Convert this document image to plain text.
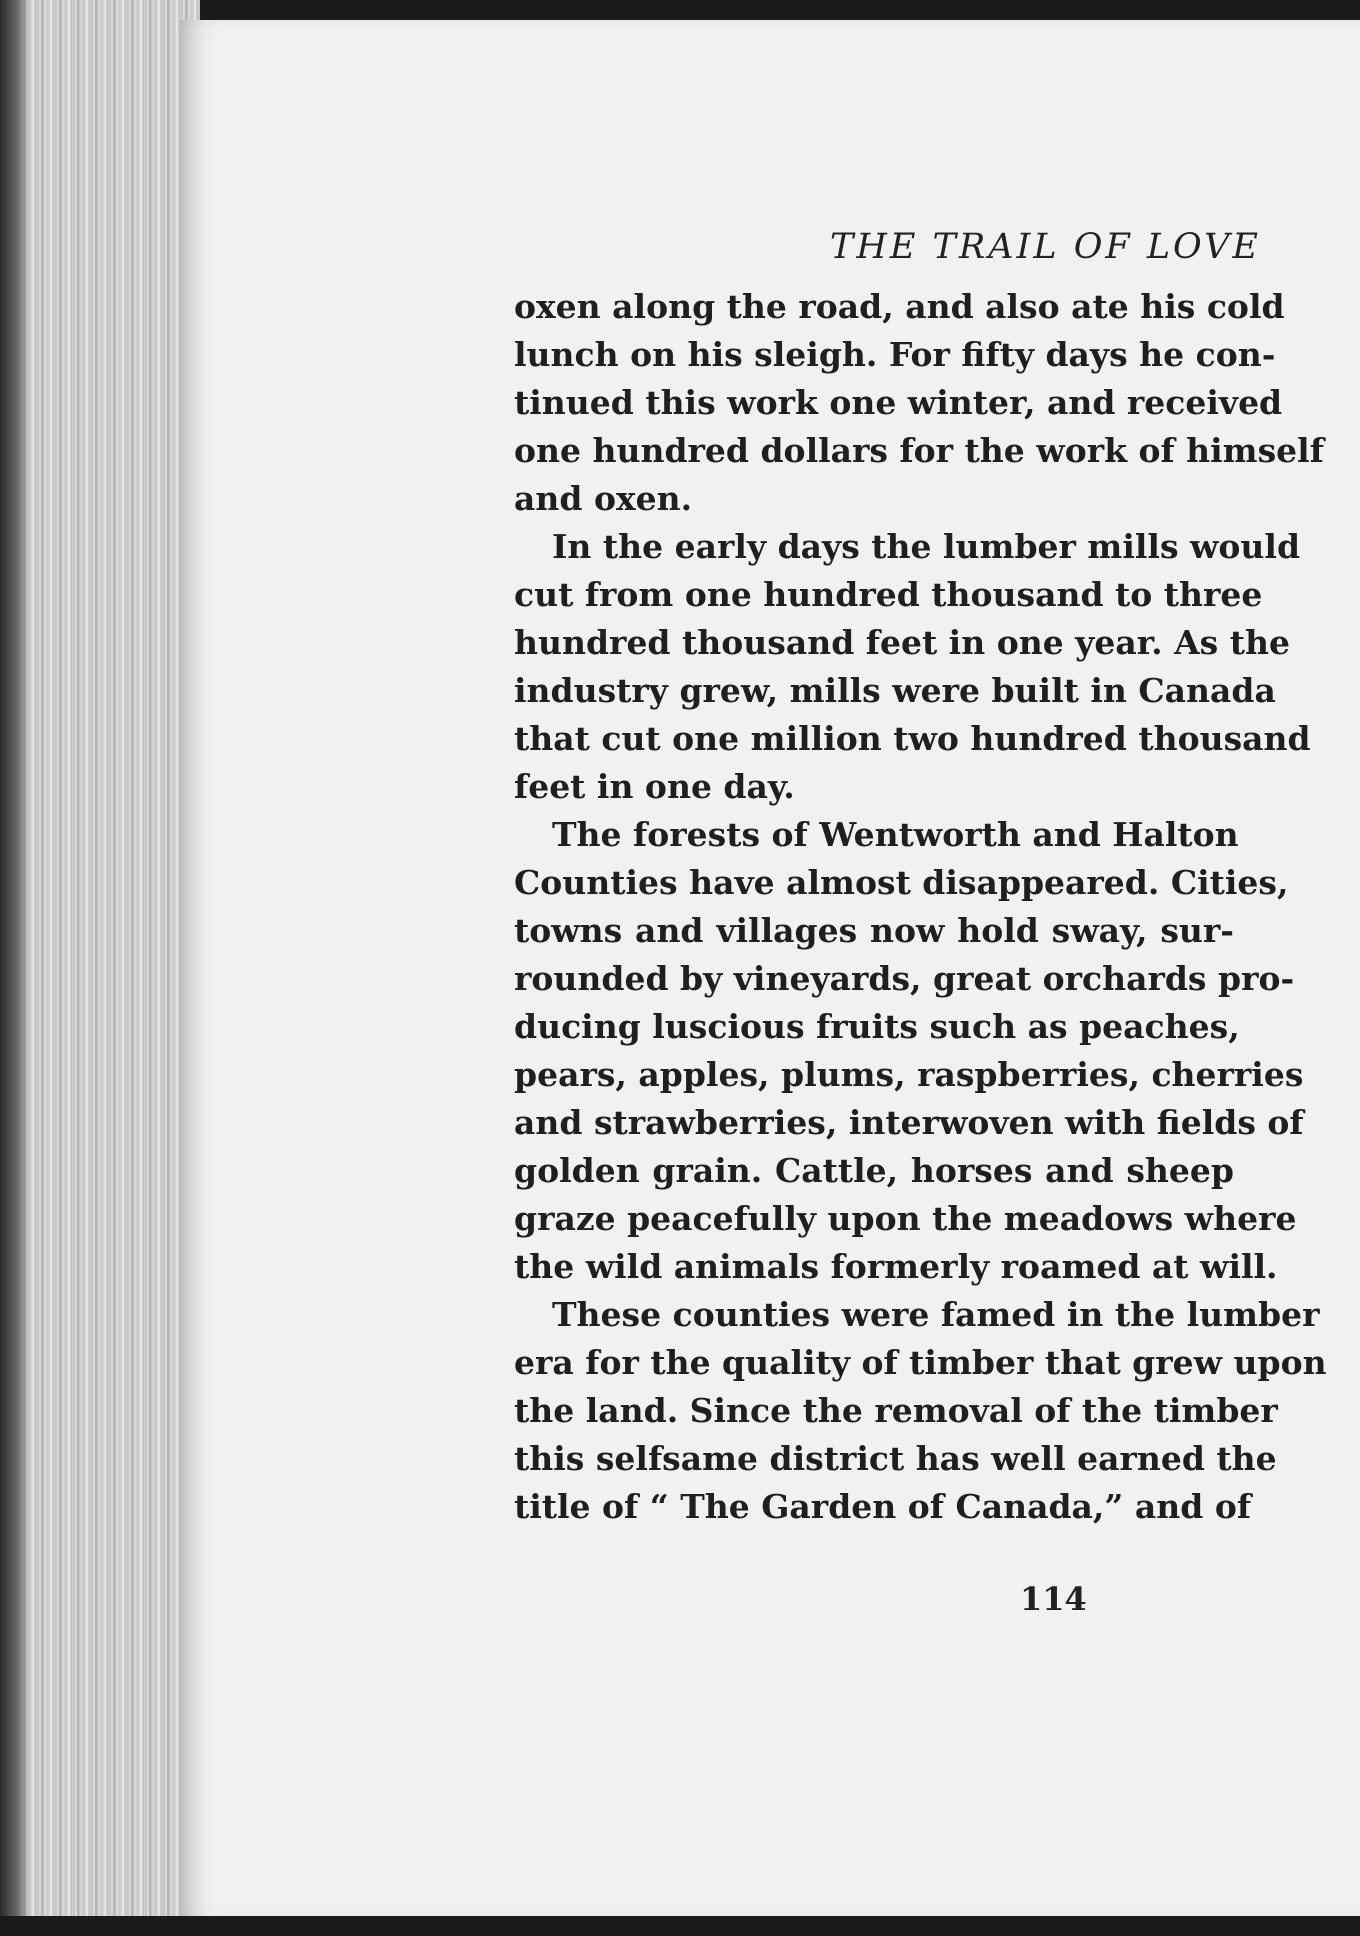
THE TRAIL OF LOVE
114
oxen along the road, and also ate his cold
lunch on his sleigh. For fifty days he con-
tinued this work one winter, and received
one hundred dollars for the work of himself
and oxen.
In the early days the lumber mills would
cut from one hundred thousand to three
hundred thousand feet in one year. As the
industry grew, mills were built in Canada
that cut one million two hundred thousand
feet in one day.
The forests of Wentworth and Halton
Counties have almost disappeared. Cities,
towns and villages now hold sway, sur-
rounded by vineyards, great orchards pro-
ducing luscious fruits such as peaches,
pears, apples, plums, raspberries, cherries
and strawberries, interwoven with fields of
golden grain. Cattle, horses and sheep
graze peacefully upon the meadows where
the wild animals formerly roamed at will.
These counties were famed in the lumber
era for the quality of timber that grew upon
the land. Since the removal of the timber
this selfsame district has well earned the
title of “ The Garden of Canada,” and of
